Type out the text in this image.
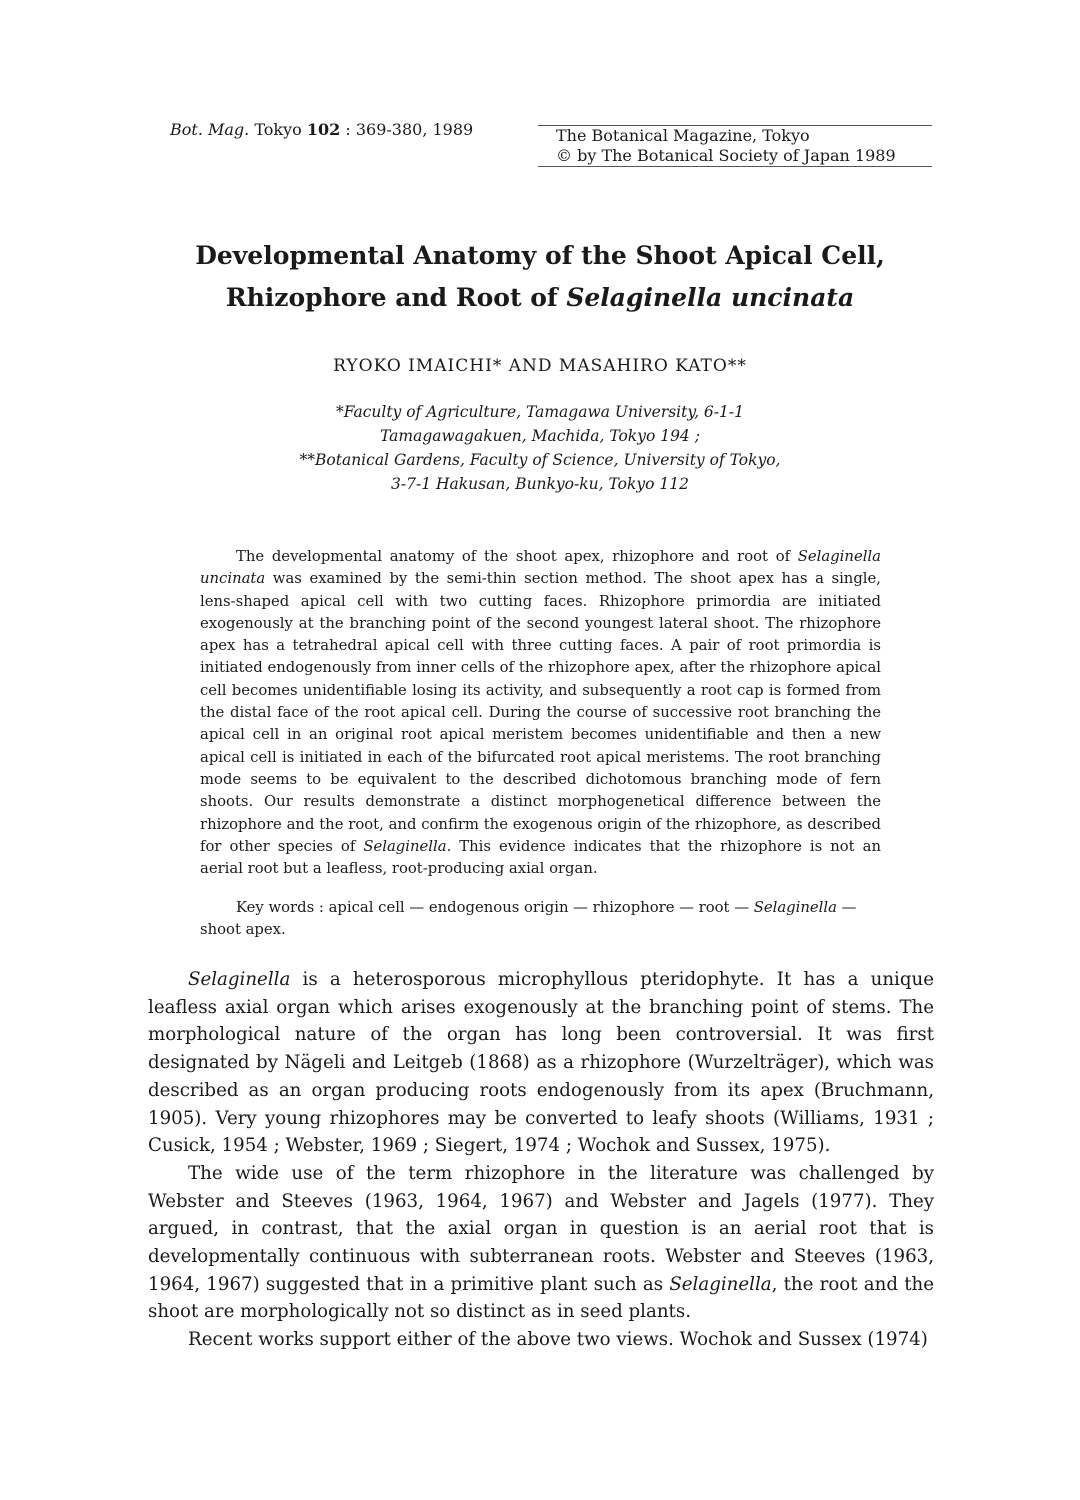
Bot. Mag. Tokyo 102 : 369-380, 1989	The Botanical Magazine, Tokyo
© by The Botanical Society of Japan 1989
Developmental Anatomy of the Shoot Apical Cell,
Rhizophore and Root of Selaginella uncinata
RYOKO IMAICHI* AND MASAHIRO KATO**
*Faculty of Agriculture, Tamagawa University, 6-1-1
Tamagawagakuen, Machida, Tokyo 194 ;
**Botanical Gardens, Faculty of Science, University of Tokyo,
3-7-1 Hakusan, Bunkyo-ku, Tokyo 112
The developmental anatomy of the shoot apex, rhizophore and root of Selaginella uncinata was examined by the semi-thin section method. The shoot apex has a single, lens-shaped apical cell with two cutting faces. Rhizophore primordia are initiated exogenously at the branching point of the second youngest lateral shoot. The rhizophore apex has a tetrahedral apical cell with three cutting faces. A pair of root primordia is initiated endogenously from inner cells of the rhizophore apex, after the rhizophore apical cell becomes unidentifiable losing its activity, and subsequently a root cap is formed from the distal face of the root apical cell. During the course of successive root branching the apical cell in an original root apical meristem becomes unidentifiable and then a new apical cell is initiated in each of the bifurcated root apical meristems. The root branching mode seems to be equivalent to the described dichotomous branching mode of fern shoots. Our results demonstrate a distinct morphogenetical difference between the rhizophore and the root, and confirm the exogenous origin of the rhizophore, as described for other species of Selaginella. This evidence indicates that the rhizophore is not an aerial root but a leafless, root-producing axial organ.
Key words : apical cell — endogenous origin — rhizophore — root — Selaginella — shoot apex.

Selaginella is a heterosporous microphyllous pteridophyte. It has a unique leafless axial organ which arises exogenously at the branching point of stems. The morphological nature of the organ has long been controversial. It was first designated by Nägeli and Leitgeb (1868) as a rhizophore (Wurzelträger), which was described as an organ producing roots endogenously from its apex (Bruchmann, 1905). Very young rhizophores may be converted to leafy shoots (Williams, 1931 ; Cusick, 1954 ; Webster, 1969 ; Siegert, 1974 ; Wochok and Sussex, 1975).

The wide use of the term rhizophore in the literature was challenged by Webster and Steeves (1963, 1964, 1967) and Webster and Jagels (1977). They argued, in contrast, that the axial organ in question is an aerial root that is developmentally continuous with subterranean roots. Webster and Steeves (1963, 1964, 1967) suggested that in a primitive plant such as Selaginella, the root and the shoot are morphologically not so distinct as in seed plants.

Recent works support either of the above two views. Wochok and Sussex (1974)
